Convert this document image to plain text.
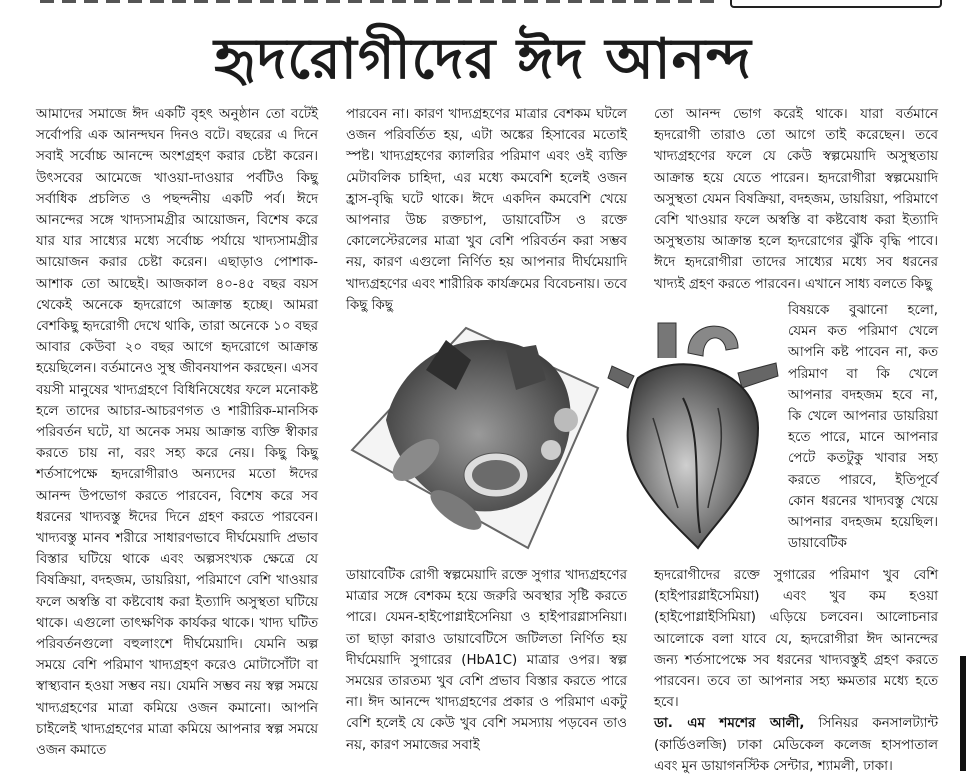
হৃদরোগীদের ঈদ আনন্দ

আমাদের সমাজে ঈদ একটি বৃহৎ অনুষ্ঠান তো বটেই সর্বোপরি এক আনন্দঘন দিনও বটে। বছরের এ দিনে সবাই সর্বোচ্চ আনন্দে অংশগ্রহণ করার চেষ্টা করেন। উৎসবের আমেজে খাওয়া-দাওয়ার পর্বটিও কিছু সর্বাধিক প্রচলিত ও পছন্দনীয় একটি পর্ব। ঈদে আনন্দের সঙ্গে খাদ্যসামগ্রীর আয়োজন, বিশেষ করে যার যার সাধ্যের মধ্যে সর্বোচ্চ পর্যায়ে খাদ্যসামগ্রীর আয়োজন করার চেষ্টা করেন। এছাড়াও পোশাক-আশাক তো আছেই। আজকাল ৪০-৪৫ বছর বয়স থেকেই অনেকে হৃদরোগে আক্রান্ত হচ্ছে। আমরা বেশকিছু হৃদরোগী দেখে থাকি, তারা অনেকে ১০ বছর আবার কেউবা ২০ বছর আগে হৃদরোগে আক্রান্ত হয়েছিলেন। বর্তমানেও সুস্থ জীবনযাপন করছেন। এসব বয়সী মানুষের খাদ্যগ্রহণে বিধিনিষেধের ফলে মনোকষ্ট হলে তাদের আচার-আচরণগত ও শারীরিক-মানসিক পরিবর্তন ঘটে, যা অনেক সময় আক্রান্ত ব্যক্তি স্বীকার করতে চায় না, বরং সহ্য করে নেয়। কিছু কিছু শর্তসাপেক্ষে হৃদরোগীরাও অন্যদের মতো ঈদের আনন্দ উপভোগ করতে পারবেন, বিশেষ করে সব ধরনের খাদ্যবস্তু ঈদের দিনে গ্রহণ করতে পারবেন। খাদ্যবস্তু মানব শরীরে সাধারণভাবে দীর্ঘমেয়াদি প্রভাব বিস্তার ঘটিয়ে থাকে এবং অল্পসংখ্যক ক্ষেত্রে যে বিষক্রিয়া, বদহজম, ডায়রিয়া, পরিমাণে বেশি খাওয়ার ফলে অস্বস্তি বা কষ্টবোধ করা ইত্যাদি অসুস্থতা ঘটিয়ে থাকে। এগুলো তাৎক্ষণিক কার্যকর থাকে। খাদ্য ঘটিত পরিবর্তনগুলো বহুলাংশে দীর্ঘমেয়াদি। যেমনি অল্প সময়ে বেশি পরিমাণ খাদ্যগ্রহণ করেও মোটাসোঁটা বা স্বাস্থ্যবান হওয়া সম্ভব নয়। যেমনি সম্ভব নয় স্বল্প সময়ে খাদ্যগ্রহণের মাত্রা কমিয়ে ওজন কমানো। আপনি চাইলেই খাদ্যগ্রহণের মাত্রা কমিয়ে আপনার স্বল্প সময়ে ওজন কমাতে

পারবেন না। কারণ খাদ্যগ্রহণের মাত্রার বেশকম ঘটলে ওজন পরিবর্তিত হয়, এটা অঙ্কের হিসাবের মতোই স্পষ্ট। খাদ্যগ্রহণের ক্যালরির পরিমাণ এবং ওই ব্যক্তি মেটাবলিক চাহিদা, এর মধ্যে কমবেশি হলেই ওজন হ্রাস-বৃদ্ধি ঘটে থাকে। ঈদে একদিন কমবেশি খেয়ে আপনার উচ্চ রক্তচাপ, ডায়াবেটিস ও রক্তে কোলেস্টেরলের মাত্রা খুব বেশি পরিবর্তন করা সম্ভব নয়, কারণ এগুলো নির্ণিত হয় আপনার দীর্ঘমেয়াদি খাদ্যগ্রহণের এবং শারীরিক কার্যক্রমের বিবেচনায়। তবে কিছু কিছু

ডায়াবেটিক রোগী স্বল্পমেয়াদি রক্তে সুগার খাদ্যগ্রহণের মাত্রার সঙ্গে বেশকম হয়ে জরুরি অবস্থার সৃষ্টি করতে পারে। যেমন-হাইপোগ্লাইসেনিয়া ও হাইপারগ্লাসনিয়া। তা ছাড়া কারাও ডায়াবেটিসে জটিলতা নির্ণিত হয় দীর্ঘমেয়াদি সুগারের (HbA1C) মাত্রার ওপর। স্বল্প সময়ের তারতম্য খুব বেশি প্রভাব বিস্তার করতে পারে না। ঈদ আনন্দে খাদ্যগ্রহণের প্রকার ও পরিমাণ একটু বেশি হলেই যে কেউ খুব বেশি সমস্যায় পড়বেন তাও নয়, কারণ সমাজের সবাই

তো আনন্দ ভোগ করেই থাকে। যারা বর্তমানে হৃদরোগী তারাও তো আগে তাই করেছেন। তবে খাদ্যগ্রহণের ফলে যে কেউ স্বল্পমেয়াদি অসুস্থতায় আক্রান্ত হয়ে যেতে পারেন। হৃদরোগীরা স্বল্পমেয়াদি অসুস্থতা যেমন বিষক্রিয়া, বদহজম, ডায়রিয়া, পরিমাণে বেশি খাওয়ার ফলে অস্বস্তি বা কষ্টবোধ করা ইত্যাদি অসুস্থতায় আক্রান্ত হলে হৃদরোগের ঝুঁকি বৃদ্ধি পাবে। ঈদে হৃদরোগীরা তাদের সাধ্যের মধ্যে সব ধরনের খাদ্যই গ্রহণ করতে পারবেন। এখানে সাধ্য বলতে কিছু

বিষয়কে বুঝানো হলো, যেমন কত পরিমাণ খেলে আপনি কষ্ট পাবেন না, কত পরিমাণ বা কি খেলে আপনার বদহজম হবে না, কি খেলে আপনার ডায়রিয়া হতে পারে, মানে আপনার পেটে কতটুকু খাবার সহ্য করতে পারবে, ইতিপূর্বে কোন ধরনের খাদ্যবস্তু খেয়ে আপনার বদহজম হয়েছিল। ডায়াবেটিক

হৃদরোগীদের রক্তে সুগারের পরিমাণ খুব বেশি (হাইপারগ্লাইসেমিয়া) এবং খুব কম হওয়া (হাইপোগ্লাইসিমিয়া) এড়িয়ে চলবেন। আলোচনার আলোকে বলা যাবে যে, হৃদরোগীরা ঈদ আনন্দের জন্য শর্তসাপেক্ষে সব ধরনের খাদ্যবস্তুই গ্রহণ করতে পারবেন। তবে তা আপনার সহ্য ক্ষমতার মধ্যে হতে হবে।

ডা. এম শমশের আলী, সিনিয়র কনসালট্যান্ট (কার্ডিওলজি) ঢাকা মেডিকেল কলেজ হাসপাতাল এবং মুন ডায়াগনস্টিক সেন্টার, শ্যামলী, ঢাকা।
